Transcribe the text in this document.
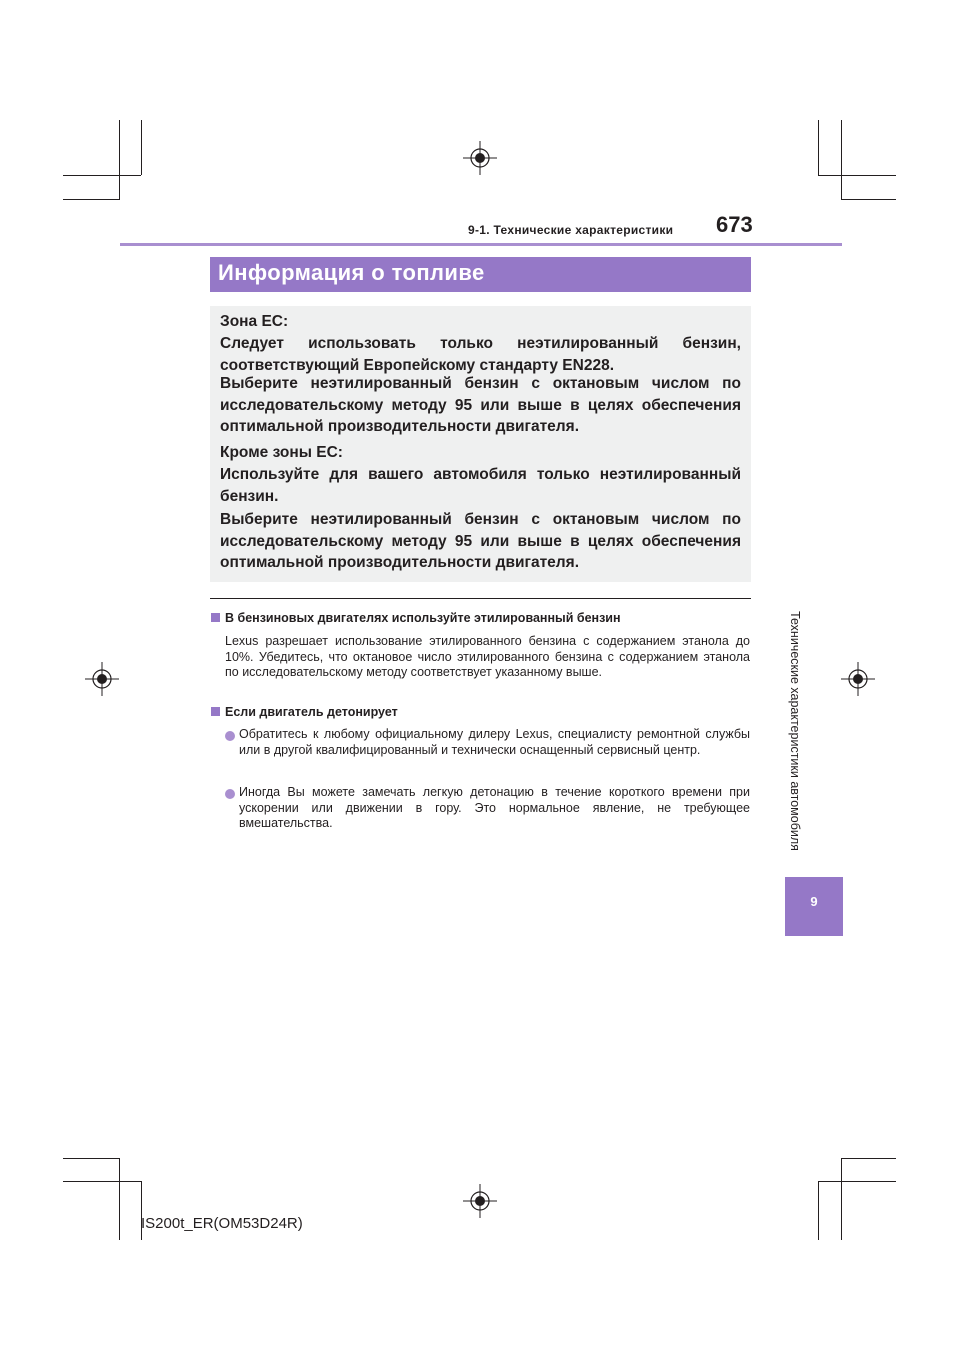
9-1. Технические характеристики 673
Информация о топливе

Зона ЕС:

Следует использовать только неэтилированный бензин, соответствующий Европейскому стандарту EN228.

Выберите неэтилированный бензин с октановым числом по исследовательскому методу 95 или выше в целях обеспечения оптимальной производительности двигателя.

Кроме зоны ЕС:

Используйте для вашего автомобиля только неэтилированный бензин.

Выберите неэтилированный бензин с октановым числом по исследовательскому методу 95 или выше в целях обеспечения оптимальной производительности двигателя.

В бензиновых двигателях используйте этилированный бензин

Lexus разрешает использование этилированного бензина с содержанием этанола до 10%. Убедитесь, что октановое число этилированного бензина с содержанием этанола по исследовательскому методу соответствует указанному выше.

Если двигатель детонирует

Обратитесь к любому официальному дилеру Lexus, специалисту ремонтной службы или в другой квалифицированный и технически оснащенный сервисный центр.

Иногда Вы можете замечать легкую детонацию в течение короткого времени при ускорении или движении в гору. Это нормальное явление, не требующее вмешательства.	Технические характеристики автомобиля
9
IS200t_ER(OM53D24R)
